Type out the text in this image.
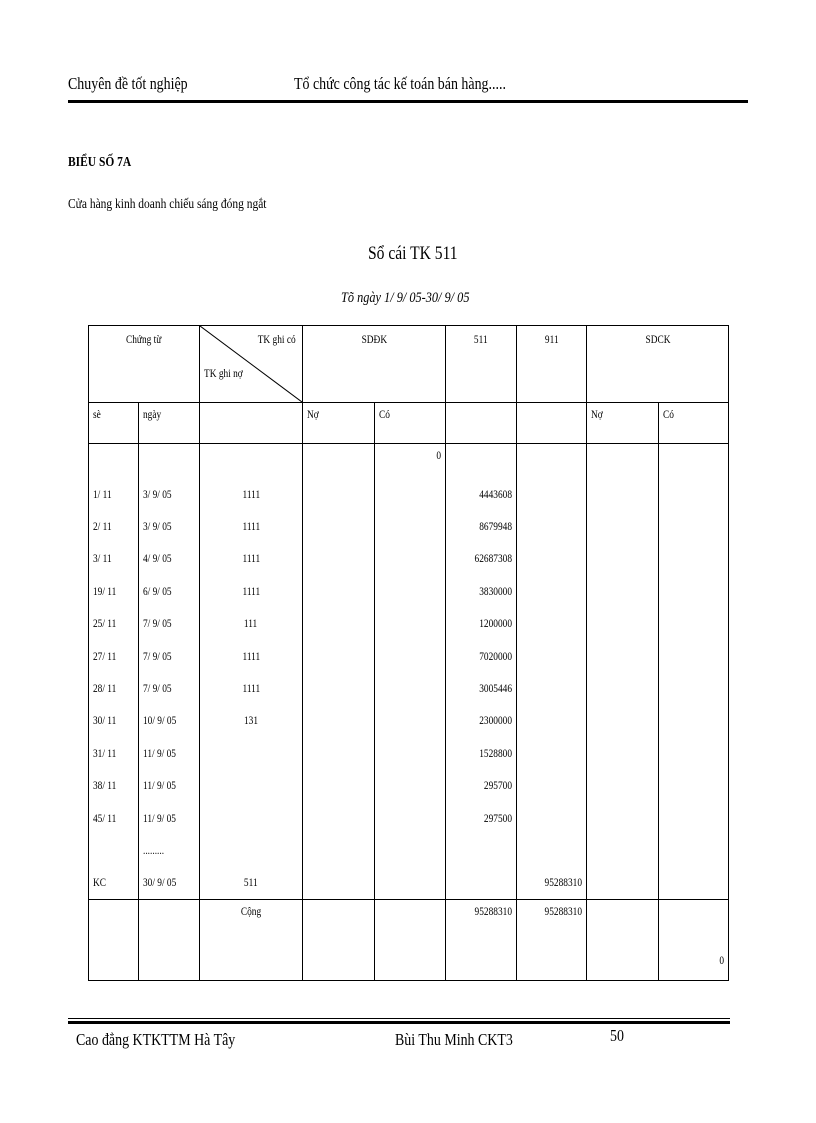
Chuyên đề tốt nghiệp	Tổ chức công tác kế toán bán hàng.....
BIỂU SỐ 7A
Cửa hàng kinh doanh chiếu sáng đóng ngắt
Sổ cái TK 511
Tõ ngày 1/ 9/ 05-30/ 9/ 05
Chứng từ		TK ghi có
TK ghi nợ	SDĐK		511	911	SDCK	
sè	ngày		Nợ	Có			Nợ	Có
				0				
1/ 11	3/ 9/ 05	1111			4443608			
2/ 11	3/ 9/ 05	1111			8679948			
3/ 11	4/ 9/ 05	1111			62687308			
19/ 11	6/ 9/ 05	1111			3830000			
25/ 11	7/ 9/ 05	111			1200000			
27/ 11	7/ 9/ 05	1111			7020000			
28/ 11	7/ 9/ 05	1111			3005446			
30/ 11	10/ 9/ 05	131			2300000			
31/ 11	11/ 9/ 05				1528800			
38/ 11	11/ 9/ 05				295700			
45/ 11	11/ 9/ 05				297500			
	.........							
KC	30/ 9/ 05	511				95288310		
		Cộng			95288310	95288310		0
Cao đẳng KTKTTM Hà Tây	Bùi Thu Minh CKT3	50
